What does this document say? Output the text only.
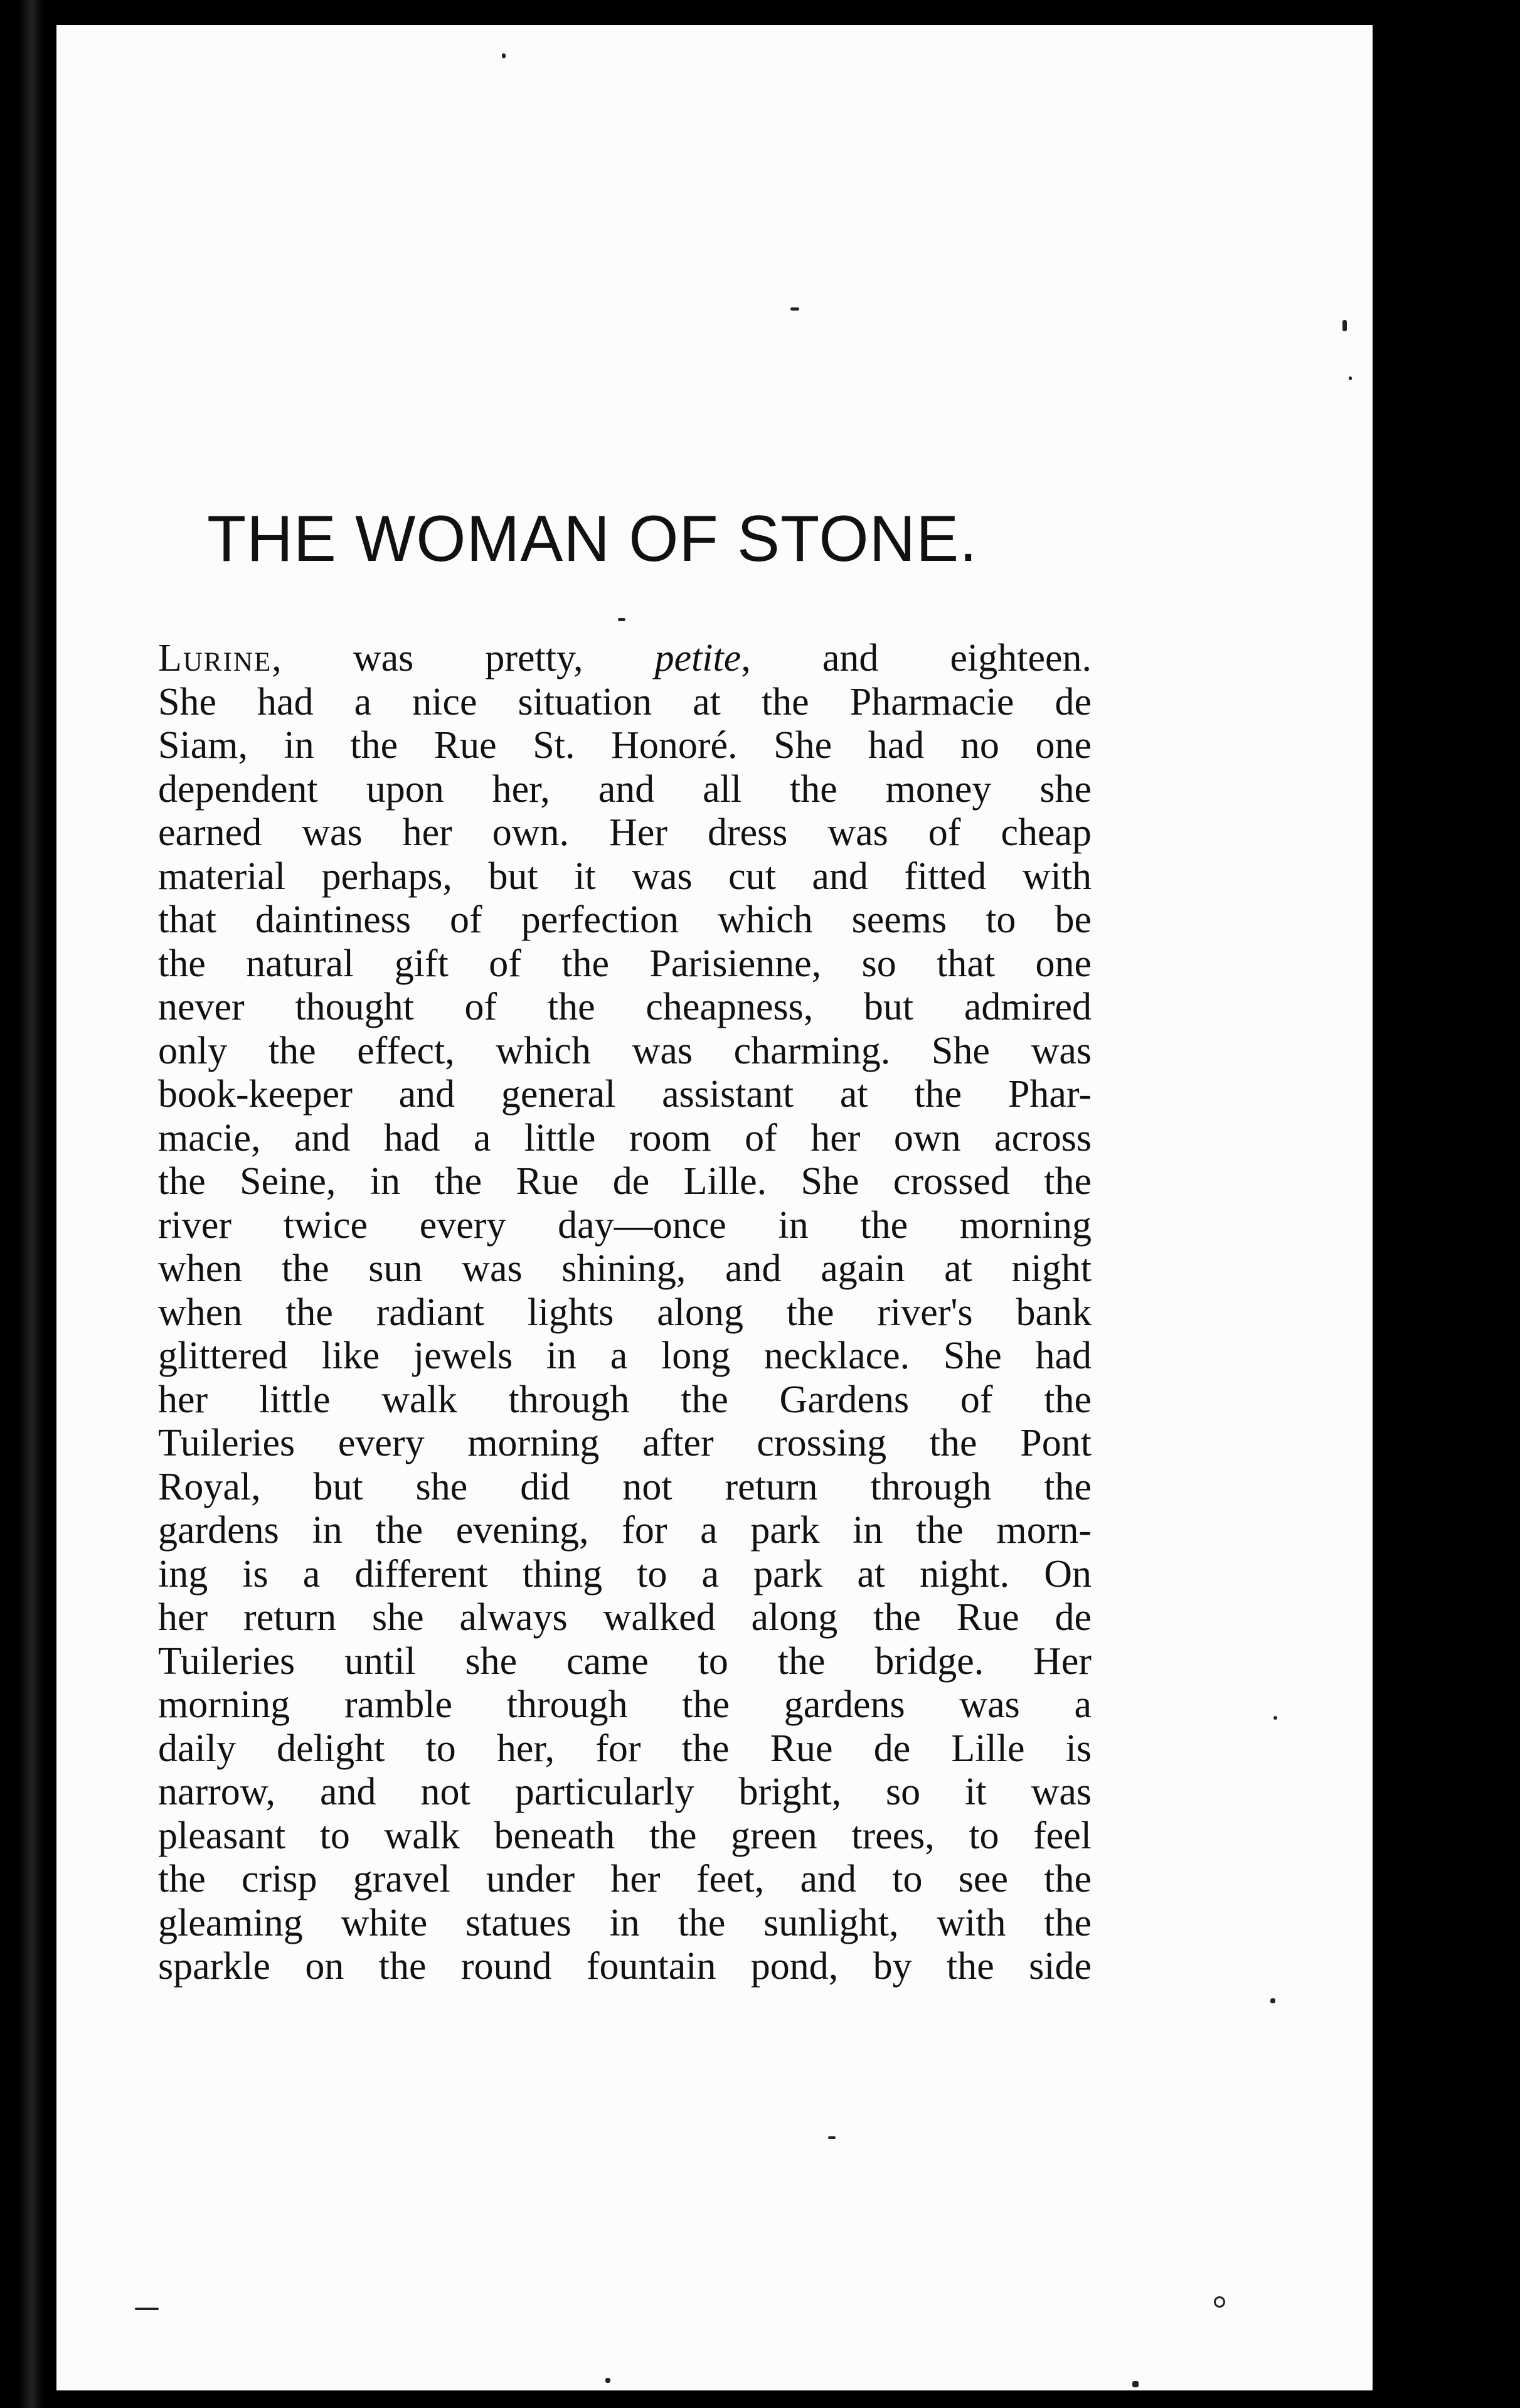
THE WOMAN OF STONE.
Lurine, was pretty, petite, and eighteen.
She had a nice situation at the Pharmacie de
Siam, in the Rue St. Honoré. She had no one
dependent upon her, and all the money she
earned was her own. Her dress was of cheap
material perhaps, but it was cut and fitted with
that daintiness of perfection which seems to be
the natural gift of the Parisienne, so that one
never thought of the cheapness, but admired
only the effect, which was charming. She was
book-keeper and general assistant at the Phar-
macie, and had a little room of her own across
the Seine, in the Rue de Lille. She crossed the
river twice every day—once in the morning
when the sun was shining, and again at night
when the radiant lights along the river's bank
glittered like jewels in a long necklace. She had
her little walk through the Gardens of the
Tuileries every morning after crossing the Pont
Royal, but she did not return through the
gardens in the evening, for a park in the morn-
ing is a different thing to a park at night. On
her return she always walked along the Rue de
Tuileries until she came to the bridge. Her
morning ramble through the gardens was a
daily delight to her, for the Rue de Lille is
narrow, and not particularly bright, so it was
pleasant to walk beneath the green trees, to feel
the crisp gravel under her feet, and to see the
gleaming white statues in the sunlight, with the
sparkle on the round fountain pond, by the side
